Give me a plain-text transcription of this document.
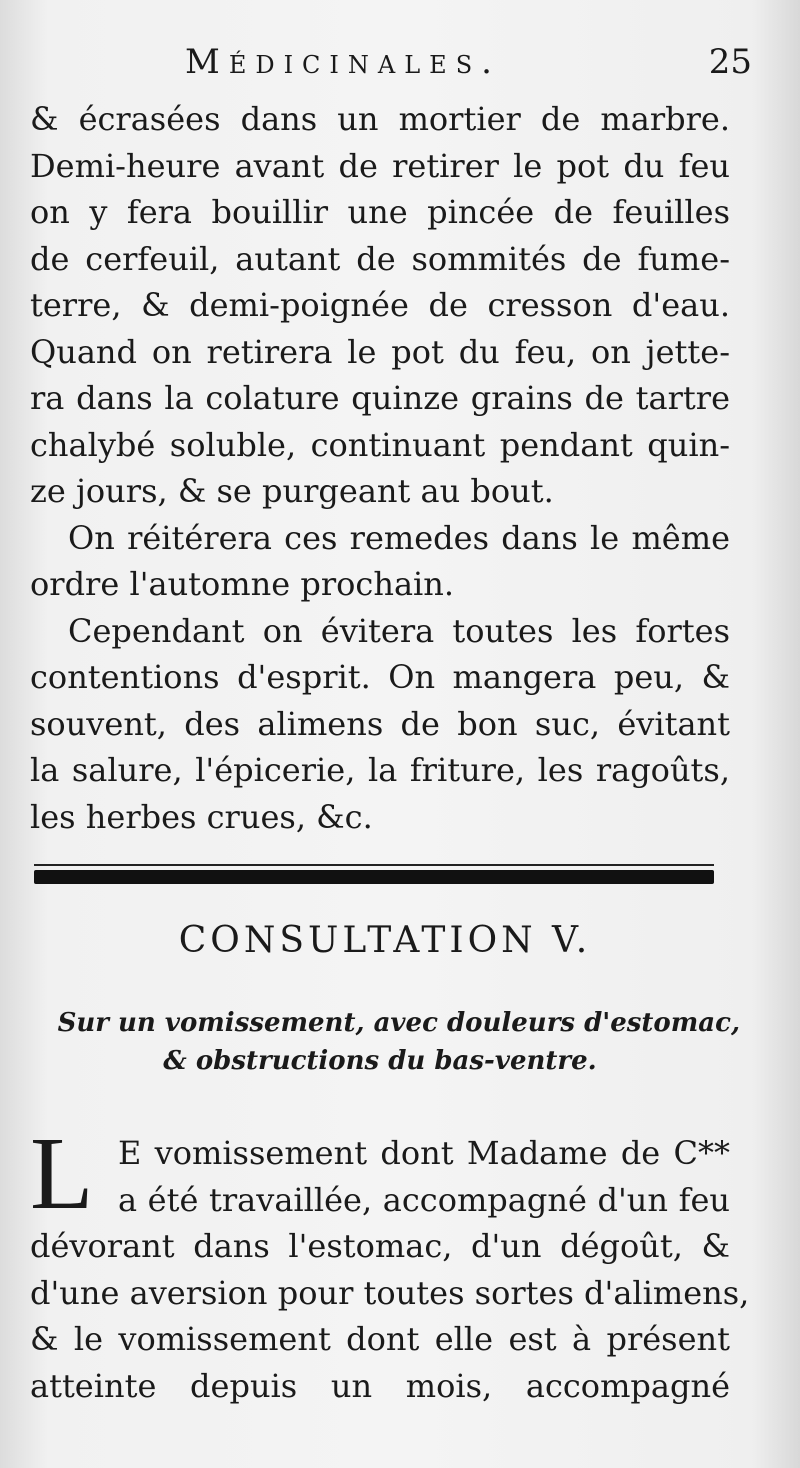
Médicinales.	25
& écrasées dans un mortier de marbre.
Demi-heure avant de retirer le pot du feu
on y fera bouillir une pincée de feuilles
de cerfeuil, autant de sommités de fume-
terre, & demi-poignée de cresson d'eau.
Quand on retirera le pot du feu, on jette-
ra dans la colature quinze grains de tartre
chalybé soluble, continuant pendant quin-
ze jours, & se purgeant au bout.
On réitérera ces remedes dans le même
ordre l'automne prochain.
Cependant on évitera toutes les fortes
contentions d'esprit. On mangera peu, &
souvent, des alimens de bon suc, évitant
la salure, l'épicerie, la friture, les ragoûts,
les herbes crues, &c.
CONSULTATION V.
Sur un vomissement, avec douleurs d'estomac,
& obstructions du bas-ventre.
L E vomissement dont Madame de C**
a été travaillée, accompagné d'un feu
dévorant dans l'estomac, d'un dégoût, &
d'une aversion pour toutes sortes d'alimens,
& le vomissement dont elle est à présent
atteinte depuis un mois, accompagné
